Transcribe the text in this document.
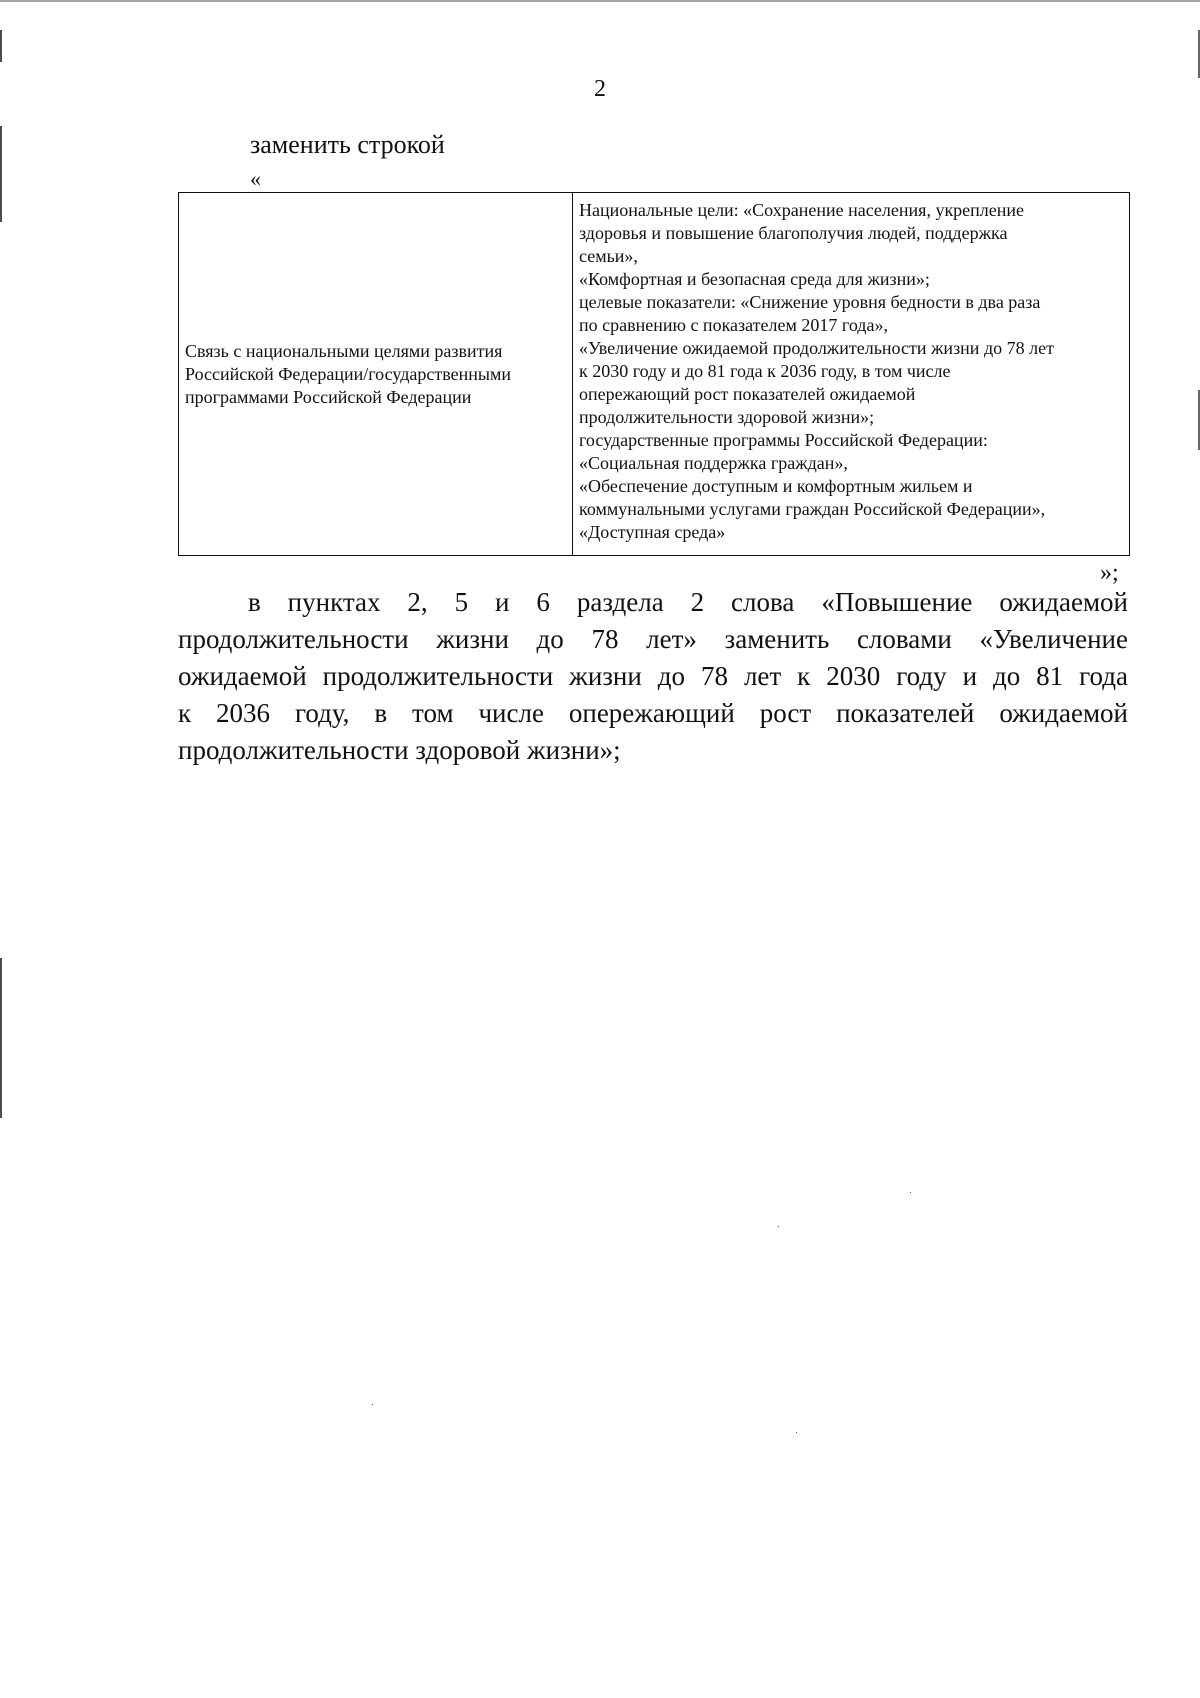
2
заменить строкой
«
Связь с национальными целями развития Российской Федерации/государственными программами Российской Федерации
Национальные цели: «Сохранение населения, укрепление
здоровья и повышение благополучия людей, поддержка
семьи»,
«Комфортная и безопасная среда для жизни»;
целевые показатели: «Снижение уровня бедности в два раза
по сравнению с показателем 2017 года»,
«Увеличение ожидаемой продолжительности жизни до 78 лет
к 2030 году и до 81 года к 2036 году, в том числе
опережающий рост показателей ожидаемой
продолжительности здоровой жизни»;
государственные программы Российской Федерации:
«Социальная поддержка граждан»,
«Обеспечение доступным и комфортным жильем и
коммунальными услугами граждан Российской Федерации»,
«Доступная среда»
»;
в пунктах 2, 5 и 6 раздела 2 слова «Повышение ожидаемой
продолжительности жизни до 78 лет» заменить словами «Увеличение
ожидаемой продолжительности жизни до 78 лет к 2030 году и до 81 года
к 2036 году, в том числе опережающий рост показателей ожидаемой
продолжительности здоровой жизни»;
